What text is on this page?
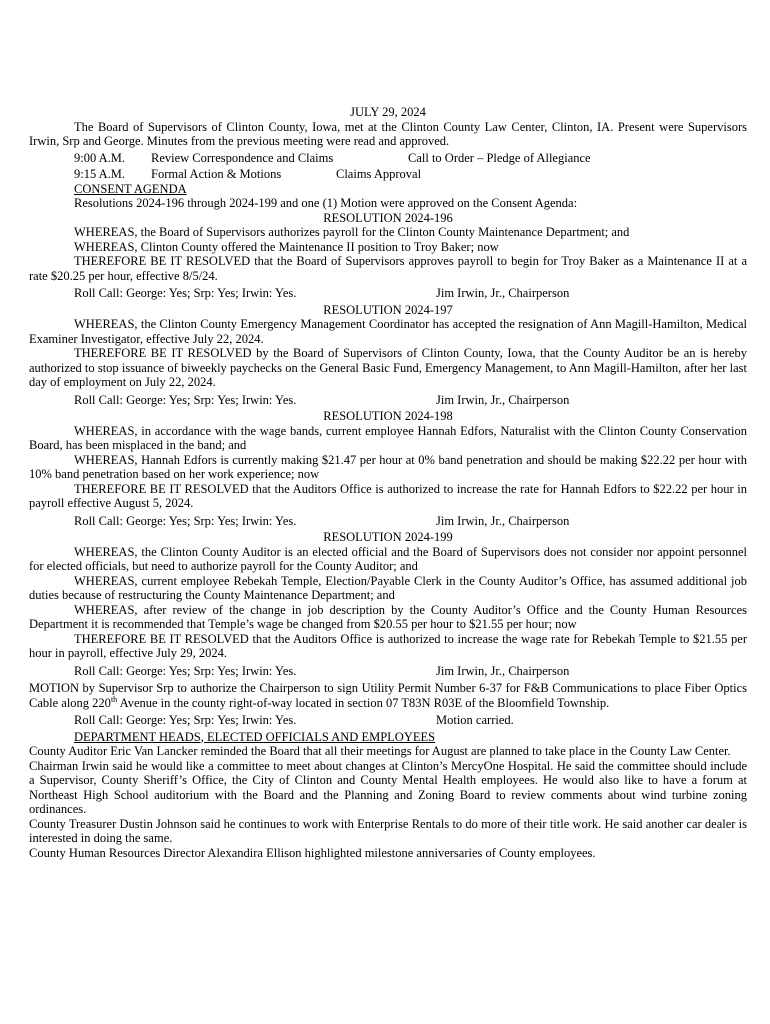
JULY 29, 2024

The Board of Supervisors of Clinton County, Iowa, met at the Clinton County Law Center, Clinton, IA. Present were Supervisors Irwin, Srp and George. Minutes from the previous meeting were read and approved.

9:00 A.M.	Review Correspondence and Claims	Call to Order – Pledge of Allegiance
9:15 A.M.	Formal Action & Motions	Claims Approval

CONSENT AGENDA

Resolutions 2024-196 through 2024-199 and one (1) Motion were approved on the Consent Agenda:

RESOLUTION 2024-196

WHEREAS, the Board of Supervisors authorizes payroll for the Clinton County Maintenance Department; and

WHEREAS, Clinton County offered the Maintenance II position to Troy Baker; now

THEREFORE BE IT RESOLVED that the Board of Supervisors approves payroll to begin for Troy Baker as a Maintenance II at a rate $20.25 per hour, effective 8/5/24.

Roll Call: George: Yes; Srp: Yes; Irwin: Yes.	Jim Irwin, Jr., Chairperson

RESOLUTION 2024-197

WHEREAS, the Clinton County Emergency Management Coordinator has accepted the resignation of Ann Magill-Hamilton, Medical Examiner Investigator, effective July 22, 2024.

THEREFORE BE IT RESOLVED by the Board of Supervisors of Clinton County, Iowa, that the County Auditor be an is hereby authorized to stop issuance of biweekly paychecks on the General Basic Fund, Emergency Management, to Ann Magill-Hamilton, after her last day of employment on July 22, 2024.

Roll Call: George: Yes; Srp: Yes; Irwin: Yes.	Jim Irwin, Jr., Chairperson

RESOLUTION 2024-198

WHEREAS, in accordance with the wage bands, current employee Hannah Edfors, Naturalist with the Clinton County Conservation Board, has been misplaced in the band; and

WHEREAS, Hannah Edfors is currently making $21.47 per hour at 0% band penetration and should be making $22.22 per hour with 10% band penetration based on her work experience; now

THEREFORE BE IT RESOLVED that the Auditors Office is authorized to increase the rate for Hannah Edfors to $22.22 per hour in payroll effective August 5, 2024.

Roll Call: George: Yes; Srp: Yes; Irwin: Yes.	Jim Irwin, Jr., Chairperson

RESOLUTION 2024-199

WHEREAS, the Clinton County Auditor is an elected official and the Board of Supervisors does not consider nor appoint personnel for elected officials, but need to authorize payroll for the County Auditor; and

WHEREAS, current employee Rebekah Temple, Election/Payable Clerk in the County Auditor’s Office, has assumed additional job duties because of restructuring the County Maintenance Department; and

WHEREAS, after review of the change in job description by the County Auditor’s Office and the County Human Resources Department it is recommended that Temple’s wage be changed from $20.55 per hour to $21.55 per hour; now

THEREFORE BE IT RESOLVED that the Auditors Office is authorized to increase the wage rate for Rebekah Temple to $21.55 per hour in payroll, effective July 29, 2024.

Roll Call: George: Yes; Srp: Yes; Irwin: Yes.	Jim Irwin, Jr., Chairperson

MOTION by Supervisor Srp to authorize the Chairperson to sign Utility Permit Number 6-37 for F&B Communications to place Fiber Optics Cable along 220th Avenue in the county right-of-way located in section 07 T83N R03E of the Bloomfield Township.

Roll Call: George: Yes; Srp: Yes; Irwin: Yes.	Motion carried.

DEPARTMENT HEADS, ELECTED OFFICIALS AND EMPLOYEES

County Auditor Eric Van Lancker reminded the Board that all their meetings for August are planned to take place in the County Law Center.

Chairman Irwin said he would like a committee to meet about changes at Clinton’s MercyOne Hospital. He said the committee should include a Supervisor, County Sheriff’s Office, the City of Clinton and County Mental Health employees. He would also like to have a forum at Northeast High School auditorium with the Board and the Planning and Zoning Board to review comments about wind turbine zoning ordinances.

County Treasurer Dustin Johnson said he continues to work with Enterprise Rentals to do more of their title work. He said another car dealer is interested in doing the same.

County Human Resources Director Alexandira Ellison highlighted milestone anniversaries of County employees.
